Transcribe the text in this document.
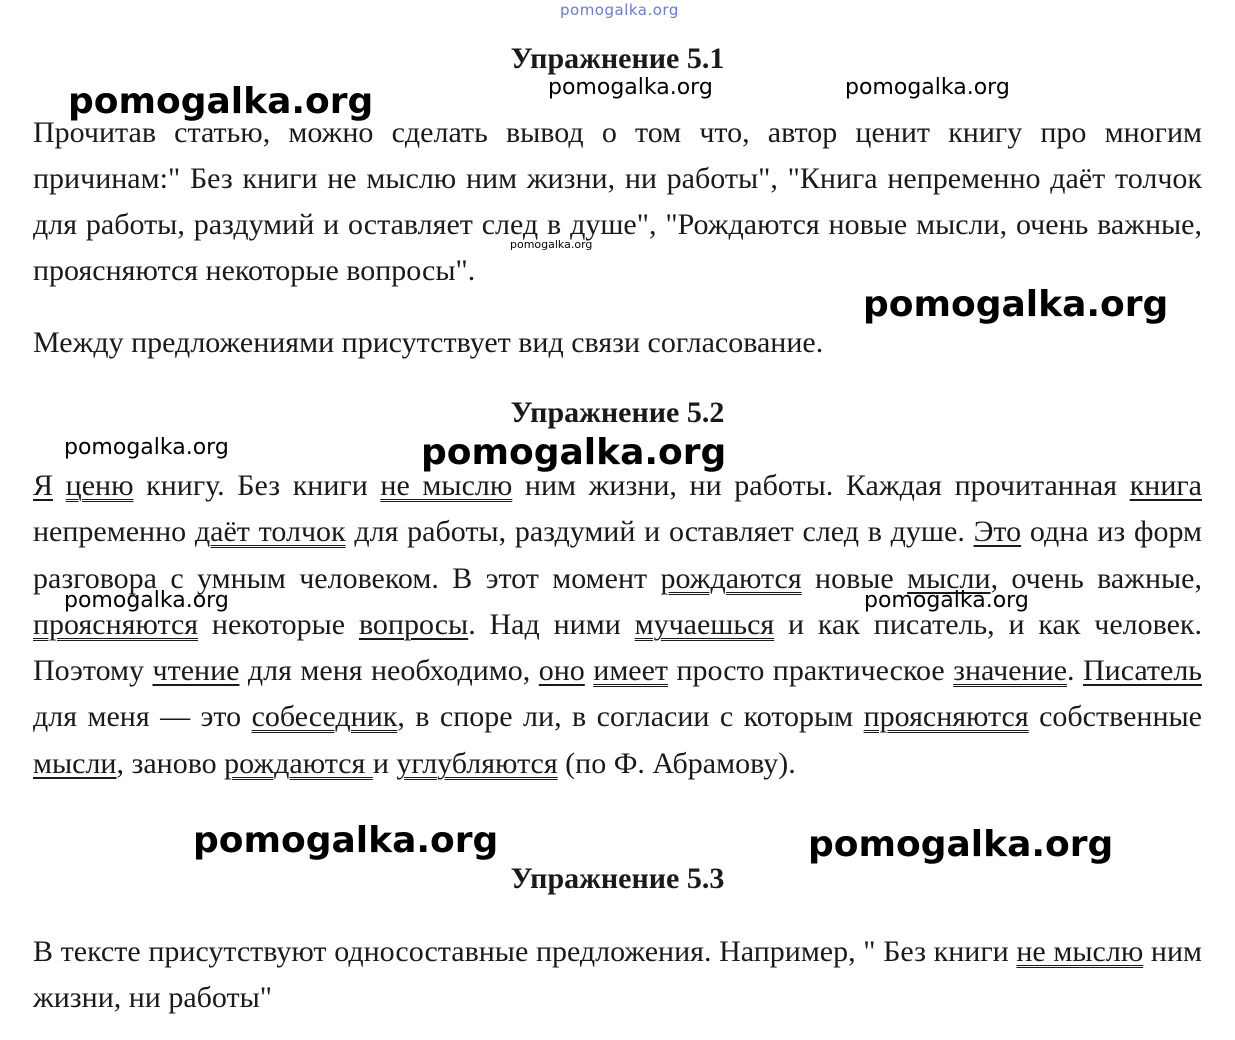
pomogalka.org
Упражнение 5.1

Прочитав статью, можно сделать вывод о том что, автор ценит книгу про многим причинам:" Без книги не мыслю ним жизни, ни работы", "Книга непременно даёт толчок для работы, раздумий и оставляет след в душе", "Рождаются новые мысли, очень важные, проясняются некоторые вопросы".

Между предложениями присутствует вид связи согласование.

Упражнение 5.2

Я ценю книгу. Без книги не мыслю ним жизни, ни работы. Каждая прочитанная книга непременно даёт толчок для работы, раздумий и оставляет след в душе. Это одна из форм разговора с умным человеком. В этот момент рождаются новые мысли, очень важные, проясняются некоторые вопросы. Над ними мучаешься и как писатель, и как человек. Поэтому чтение для меня необходимо, оно имеет просто практическое значение. Писатель для меня — это собеседник, в споре ли, в согласии с которым проясняются собственные мысли, заново рождаются и углубляются (по Ф. Абрамову).

Упражнение 5.3

В тексте присутствуют односоставные предложения. Например, " Без книги не мыслю ним жизни, ни работы"

pomogalka.org	pomogalka.org	pomogalka.org
pomogalka.org
pomogalka.org
pomogalka.org	pomogalka.org
pomogalka.org	pomogalka.org
pomogalka.org	pomogalka.org
